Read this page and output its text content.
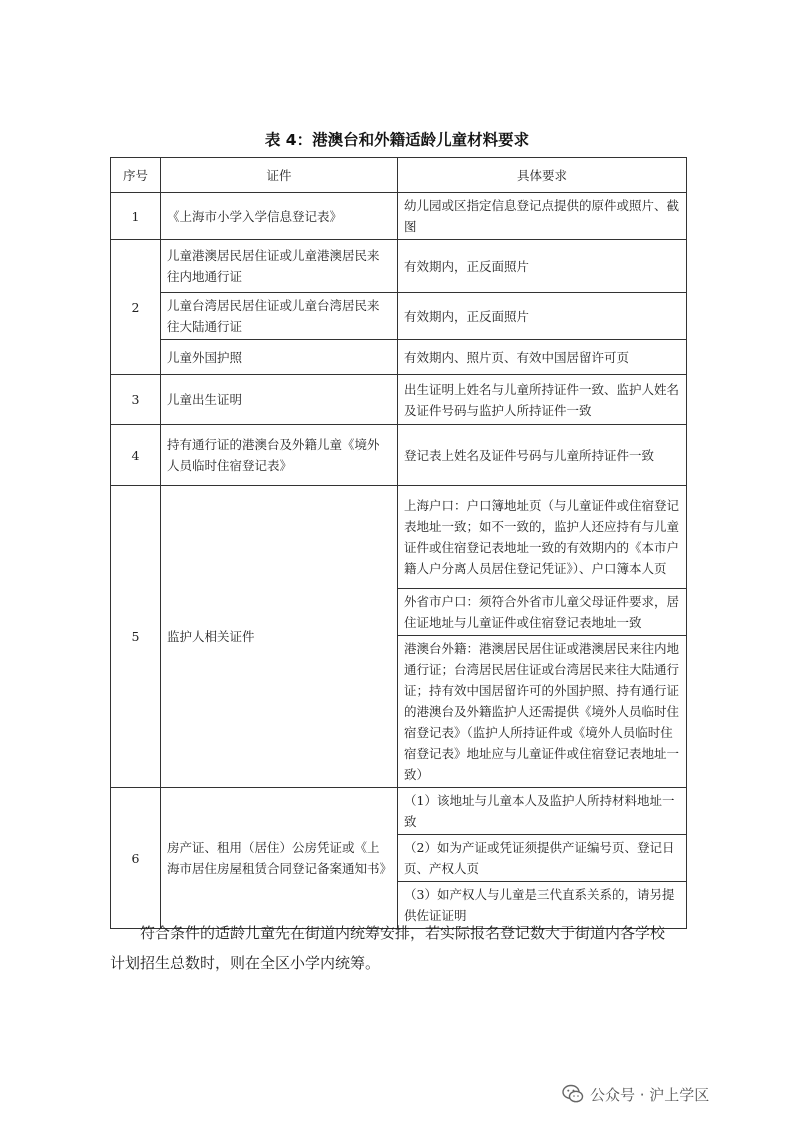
表 4：港澳台和外籍适龄儿童材料要求
序号	证件	具体要求
1	《上海市小学入学信息登记表》	幼儿园或区指定信息登记点提供的原件或照片、截图
2	儿童港澳居民居住证或儿童港澳居民来往内地通行证	有效期内，正反面照片
	儿童台湾居民居住证或儿童台湾居民来往大陆通行证	有效期内，正反面照片
	儿童外国护照	有效期内、照片页、有效中国居留许可页
3	儿童出生证明	出生证明上姓名与儿童所持证件一致、监护人姓名及证件号码与监护人所持证件一致
4	持有通行证的港澳台及外籍儿童《境外人员临时住宿登记表》	登记表上姓名及证件号码与儿童所持证件一致
5	监护人相关证件	上海户口：户口簿地址页（与儿童证件或住宿登记表地址一致；如不一致的，监护人还应持有与儿童证件或住宿登记表地址一致的有效期内的《本市户籍人户分离人员居住登记凭证》）、户口簿本人页
		外省市户口：须符合外省市儿童父母证件要求，居住证地址与儿童证件或住宿登记表地址一致
		港澳台外籍：港澳居民居住证或港澳居民来往内地通行证；台湾居民居住证或台湾居民来往大陆通行证；持有效中国居留许可的外国护照、持有通行证的港澳台及外籍监护人还需提供《境外人员临时住宿登记表》（监护人所持证件或《境外人员临时住宿登记表》地址应与儿童证件或住宿登记表地址一致）
6	房产证、租用（居住）公房凭证或《上海市居住房屋租赁合同登记备案通知书》	（1）该地址与儿童本人及监护人所持材料地址一致
		（2）如为产证或凭证须提供产证编号页、登记日页、产权人页
		（3）如产权人与儿童是三代直系关系的，请另提供佐证证明
符合条件的适龄儿童先在街道内统筹安排，若实际报名登记数大于街道内各学校
计划招生总数时，则在全区小学内统筹。
公众号 · 沪上学区
